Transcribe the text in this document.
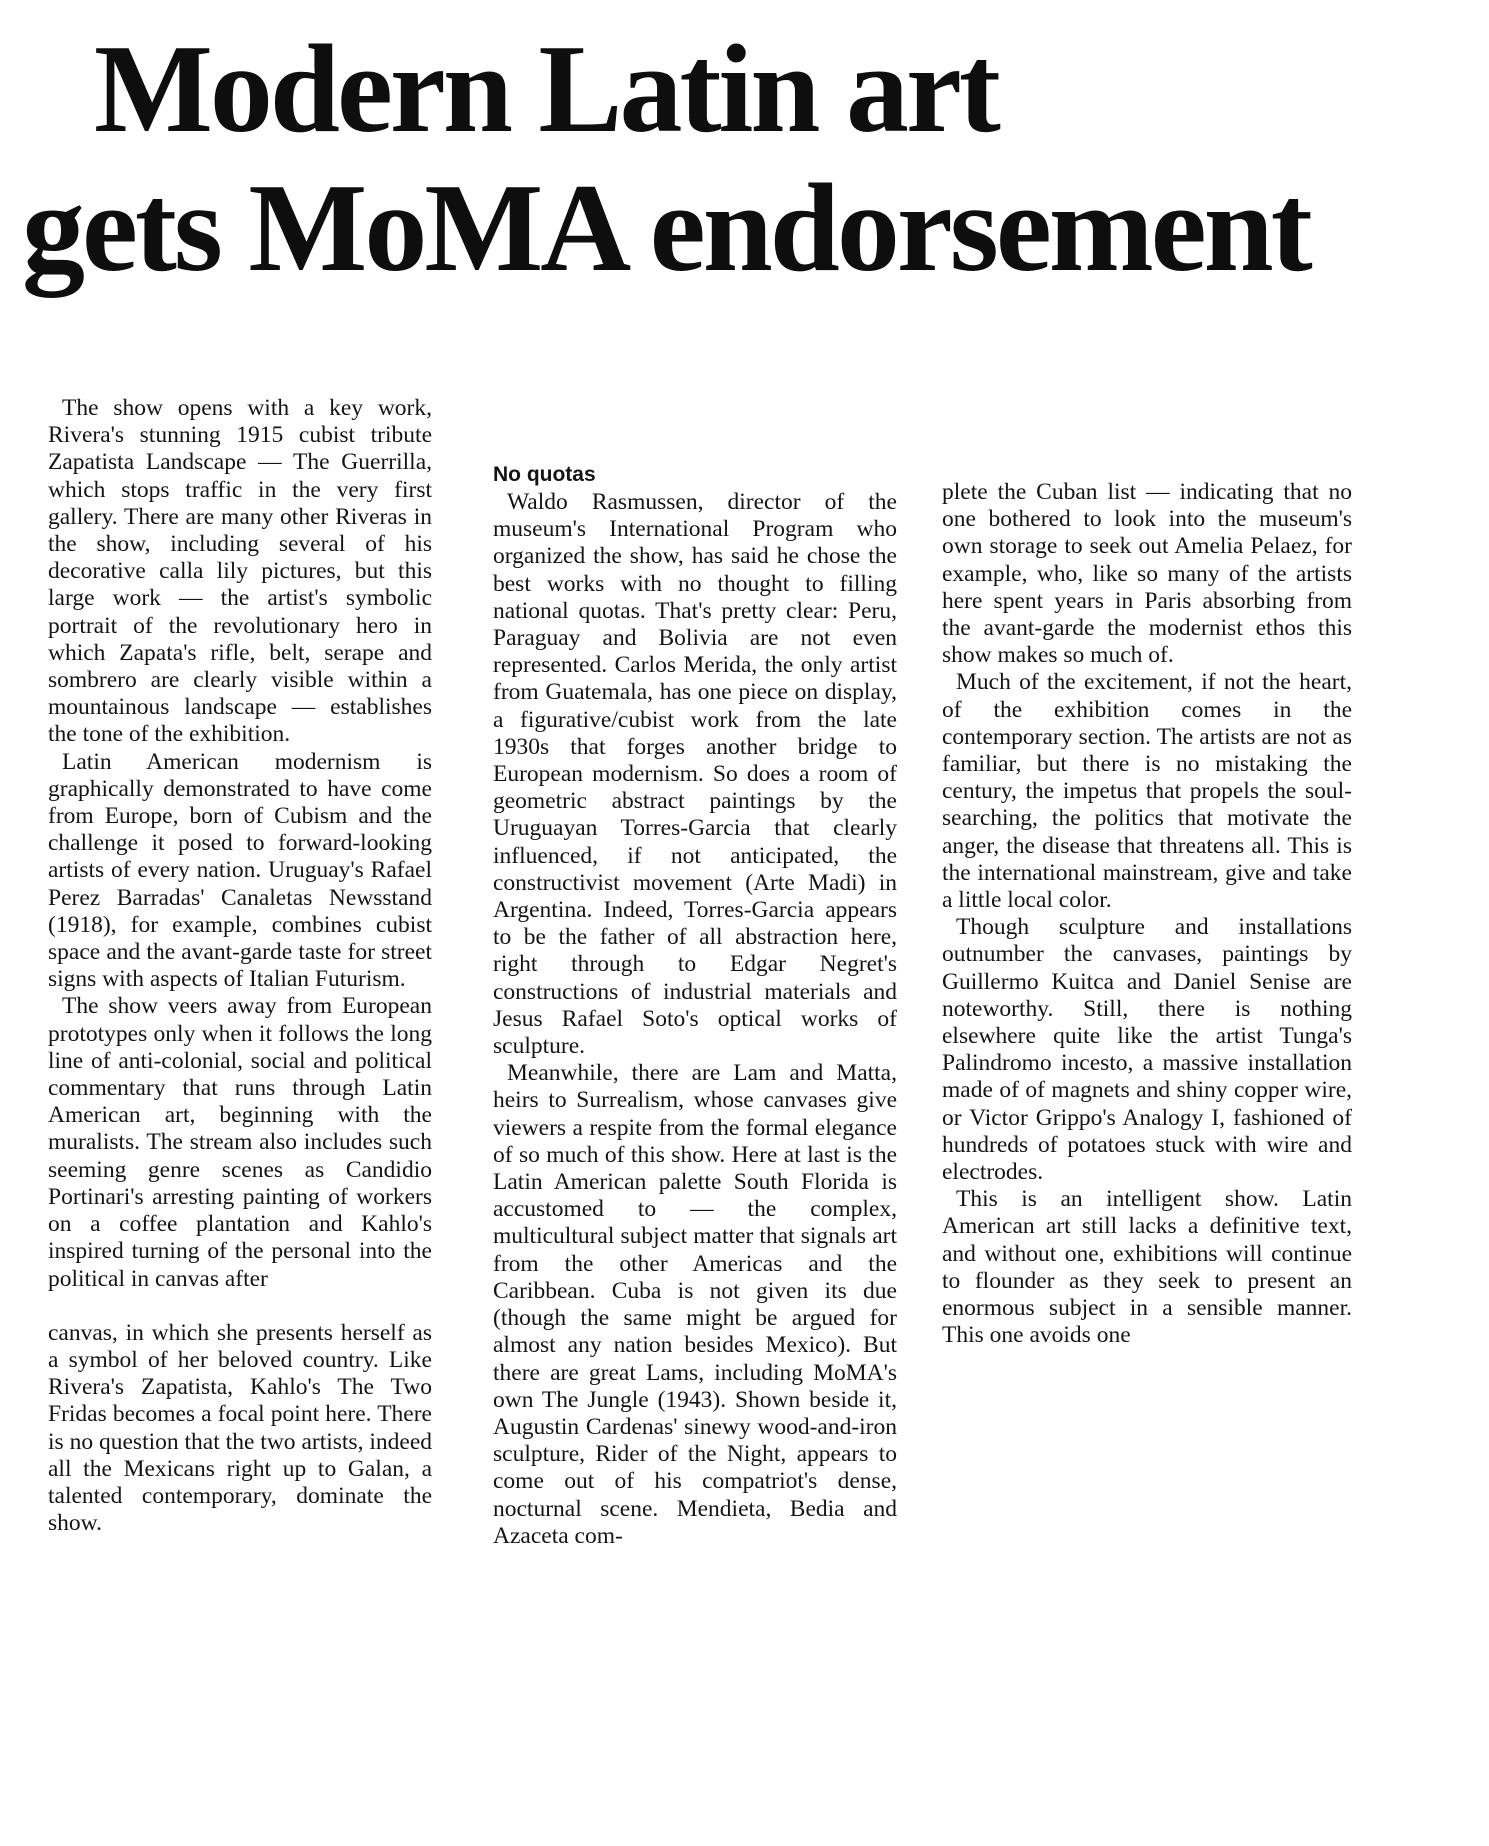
Modern Latin art
gets MoMA endorsement

The show opens with a key work, Rivera's stunning 1915 cubist tribute Zapatista Landscape — The Guerrilla, which stops traffic in the very first gallery. There are many other Riveras in the show, including several of his decorative calla lily pictures, but this large work — the artist's symbolic portrait of the revolutionary hero in which Zapata's rifle, belt, serape and sombrero are clearly visible within a mountainous landscape — establishes the tone of the exhibition.

Latin American modernism is graphically demonstrated to have come from Europe, born of Cubism and the challenge it posed to forward-looking artists of every nation. Uruguay's Rafael Perez Barradas' Canaletas Newsstand (1918), for example, combines cubist space and the avant-garde taste for street signs with aspects of Italian Futurism.

The show veers away from European prototypes only when it follows the long line of anti-colonial, social and political commentary that runs through Latin American art, beginning with the muralists. The stream also includes such seeming genre scenes as Candidio Portinari's arresting painting of workers on a coffee plantation and Kahlo's inspired turning of the personal into the political in canvas after

canvas, in which she presents herself as a symbol of her beloved country. Like Rivera's Zapatista, Kahlo's The Two Fridas becomes a focal point here. There is no question that the two artists, indeed all the Mexicans right up to Galan, a talented contemporary, dominate the show.

No quotas

Waldo Rasmussen, director of the museum's International Program who organized the show, has said he chose the best works with no thought to filling national quotas. That's pretty clear: Peru, Paraguay and Bolivia are not even represented. Carlos Merida, the only artist from Guatemala, has one piece on display, a figurative/cubist work from the late 1930s that forges another bridge to European modernism. So does a room of geometric abstract paintings by the Uruguayan Torres-Garcia that clearly influenced, if not anticipated, the constructivist movement (Arte Madi) in Argentina. Indeed, Torres-Garcia appears to be the father of all abstraction here, right through to Edgar Negret's constructions of industrial materials and Jesus Rafael Soto's optical works of sculpture.

Meanwhile, there are Lam and Matta, heirs to Surrealism, whose canvases give viewers a respite from the formal elegance of so much of this show. Here at last is the Latin American palette South Florida is accustomed to — the complex, multicultural subject matter that signals art from the other Americas and the Caribbean. Cuba is not given its due (though the same might be argued for almost any nation besides Mexico). But there are great Lams, including MoMA's own The Jungle (1943). Shown beside it, Augustin Cardenas' sinewy wood-and-iron sculpture, Rider of the Night, appears to come out of his compatriot's dense, nocturnal scene. Mendieta, Bedia and Azaceta com-

plete the Cuban list — indicating that no one bothered to look into the museum's own storage to seek out Amelia Pelaez, for example, who, like so many of the artists here spent years in Paris absorbing from the avant-garde the modernist ethos this show makes so much of.

Much of the excitement, if not the heart, of the exhibition comes in the contemporary section. The artists are not as familiar, but there is no mistaking the century, the impetus that propels the soul-searching, the politics that motivate the anger, the disease that threatens all. This is the international mainstream, give and take a little local color.

Though sculpture and installations outnumber the canvases, paintings by Guillermo Kuitca and Daniel Senise are noteworthy. Still, there is nothing elsewhere quite like the artist Tunga's Palindromo incesto, a massive installation made of of magnets and shiny copper wire, or Victor Grippo's Analogy I, fashioned of hundreds of potatoes stuck with wire and electrodes.

This is an intelligent show. Latin American art still lacks a definitive text, and without one, exhibitions will continue to flounder as they seek to present an enormous subject in a sensible manner. This one avoids one
